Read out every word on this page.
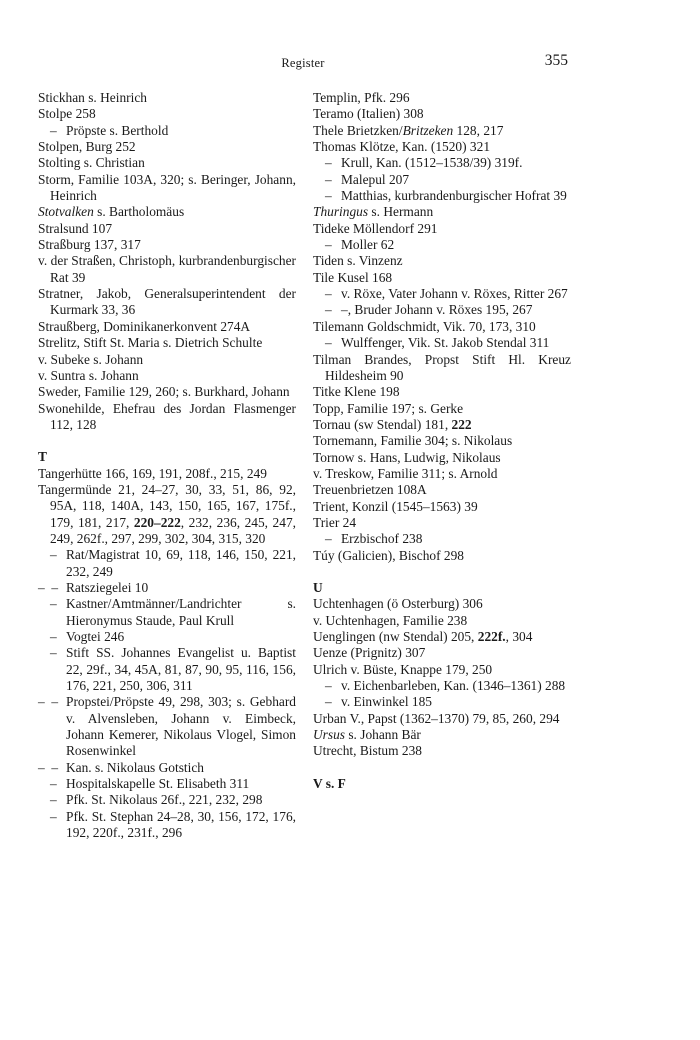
Register	355
Stickhan s. Heinrich
Stolpe 258
– Pröpste s. Berthold
Stolpen, Burg 252
Stolting s. Christian
Storm, Familie 103A, 320; s. Beringer, Johann, Heinrich
Stotvalken s. Bartholomäus
Stralsund 107
Straßburg 137, 317
v. der Straßen, Christoph, kurbrandenburgischer Rat 39
Stratner, Jakob, Generalsuperintendent der Kurmark 33, 36
Straußberg, Dominikanerkonvent 274A
Strelitz, Stift St. Maria s. Dietrich Schulte
v. Subeke s. Johann
v. Suntra s. Johann
Sweder, Familie 129, 260; s. Burkhard, Johann
Swonehilde, Ehefrau des Jordan Flasmenger 112, 128
T
Tangerhütte 166, 169, 191, 208f., 215, 249
Tangermünde 21, 24–27, 30, 33, 51, 86, 92, 95A, 118, 140A, 143, 150, 165, 167, 175f., 179, 181, 217, 220–222, 232, 236, 245, 247, 249, 262f., 297, 299, 302, 304, 315, 320
– Rat/Magistrat 10, 69, 118, 146, 150, 221, 232, 249
–  – Ratsziegelei 10
– Kastner/Amtmänner/Landrichter s. Hieronymus Staude, Paul Krull
– Vogtei 246
– Stift SS. Johannes Evangelist u. Baptist 22, 29f., 34, 45A, 81, 87, 90, 95, 116, 156, 176, 221, 250, 306, 311
–  – Propstei/Pröpste 49, 298, 303; s. Gebhard v. Alvensleben, Johann v. Eimbeck, Johann Kemerer, Nikolaus Vlogel, Simon Rosenwinkel
–  – Kan. s. Nikolaus Gotstich
– Hospitalskapelle St. Elisabeth 311
– Pfk. St. Nikolaus 26f., 221, 232, 298
– Pfk. St. Stephan 24–28, 30, 156, 172, 176, 192, 220f., 231f., 296
Templin, Pfk. 296
Teramo (Italien) 308
Thele Brietzken/Britzeken 128, 217
Thomas Klötze, Kan. (1520) 321
– Krull, Kan. (1512–1538/39) 319f.
– Malepul 207
– Matthias, kurbrandenburgischer Hofrat 39
Thuringus s. Hermann
Tideke Möllendorf 291
– Moller 62
Tiden s. Vinzenz
Tile Kusel 168
– v. Röxe, Vater Johann v. Röxes, Ritter 267
– –, Bruder Johann v. Röxes 195, 267
Tilemann Goldschmidt, Vik. 70, 173, 310
– Wulffenger, Vik. St. Jakob Stendal 311
Tilman Brandes, Propst Stift Hl. Kreuz Hildesheim 90
Titke Klene 198
Topp, Familie 197; s. Gerke
Tornau (sw Stendal) 181, 222
Tornemann, Familie 304; s. Nikolaus
Tornow s. Hans, Ludwig, Nikolaus
v. Treskow, Familie 311; s. Arnold
Treuenbrietzen 108A
Trient, Konzil (1545–1563) 39
Trier 24
– Erzbischof 238
Túy (Galicien), Bischof 298
U
Uchtenhagen (ö Osterburg) 306
v. Uchtenhagen, Familie 238
Uenglingen (nw Stendal) 205, 222f., 304
Uenze (Prignitz) 307
Ulrich v. Büste, Knappe 179, 250
– v. Eichenbarleben, Kan. (1346–1361) 288
– v. Einwinkel 185
Urban V., Papst (1362–1370) 79, 85, 260, 294
Ursus s. Johann Bär
Utrecht, Bistum 238
V s. F
